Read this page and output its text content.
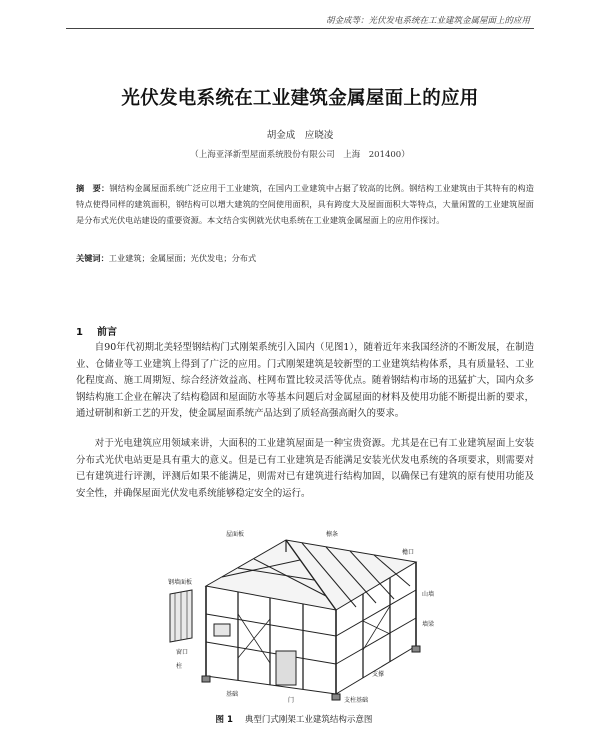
胡金成等：光伏发电系统在工业建筑金属屋面上的应用
光伏发电系统在工业建筑金属屋面上的应用
胡金成　应晓凌
（上海亚泽新型屋面系统股份有限公司　上海　201400）
摘　要：钢结构金属屋面系统广泛应用于工业建筑，在国内工业建筑中占据了较高的比例。钢结构工业建筑由于其特有的构造特点使得同样的建筑面积，钢结构可以增大建筑的空间使用面积，具有跨度大及屋面面积大等特点，大量闲置的工业建筑屋面是分布式光伏电站建设的重要资源。本文结合实例就光伏电系统在工业建筑金属屋面上的应用作探讨。
关键词：工业建筑；金属屋面；光伏发电；分布式
1 前言

自90年代初期北美轻型钢结构门式刚架系统引入国内（见图1），随着近年来我国经济的不断发展，在制造业、仓储业等工业建筑上得到了广泛的应用。门式刚架建筑是较新型的工业建筑结构体系，具有质量轻、工业化程度高、施工周期短、综合经济效益高、柱网布置比较灵活等优点。随着钢结构市场的迅猛扩大，国内众多钢结构施工企业在解决了结构稳固和屋面防水等基本问题后对金属屋面的材料及使用功能不断提出新的要求，通过研制和新工艺的开发，使金属屋面系统产品达到了质轻高强高耐久的要求。

对于光电建筑应用领域来讲，大面积的工业建筑屋面是一种宝贵资源。尤其是在已有工业建筑屋面上安装分布式光伏电站更是具有重大的意义。但是已有工业建筑是否能满足安装光伏发电系统的各项要求，则需要对已有建筑进行评测，评测后如果不能满足，则需对已有建筑进行结构加固，以确保已有建筑的原有使用功能及安全性，并确保屋面光伏发电系统能够稳定安全的运行。

屋面板
钢墙面板
檩条
檐口
山墙
墙梁
支撑
窗口
柱
门
基础
支柱基础
图 1 典型门式刚架工业建筑结构示意图
